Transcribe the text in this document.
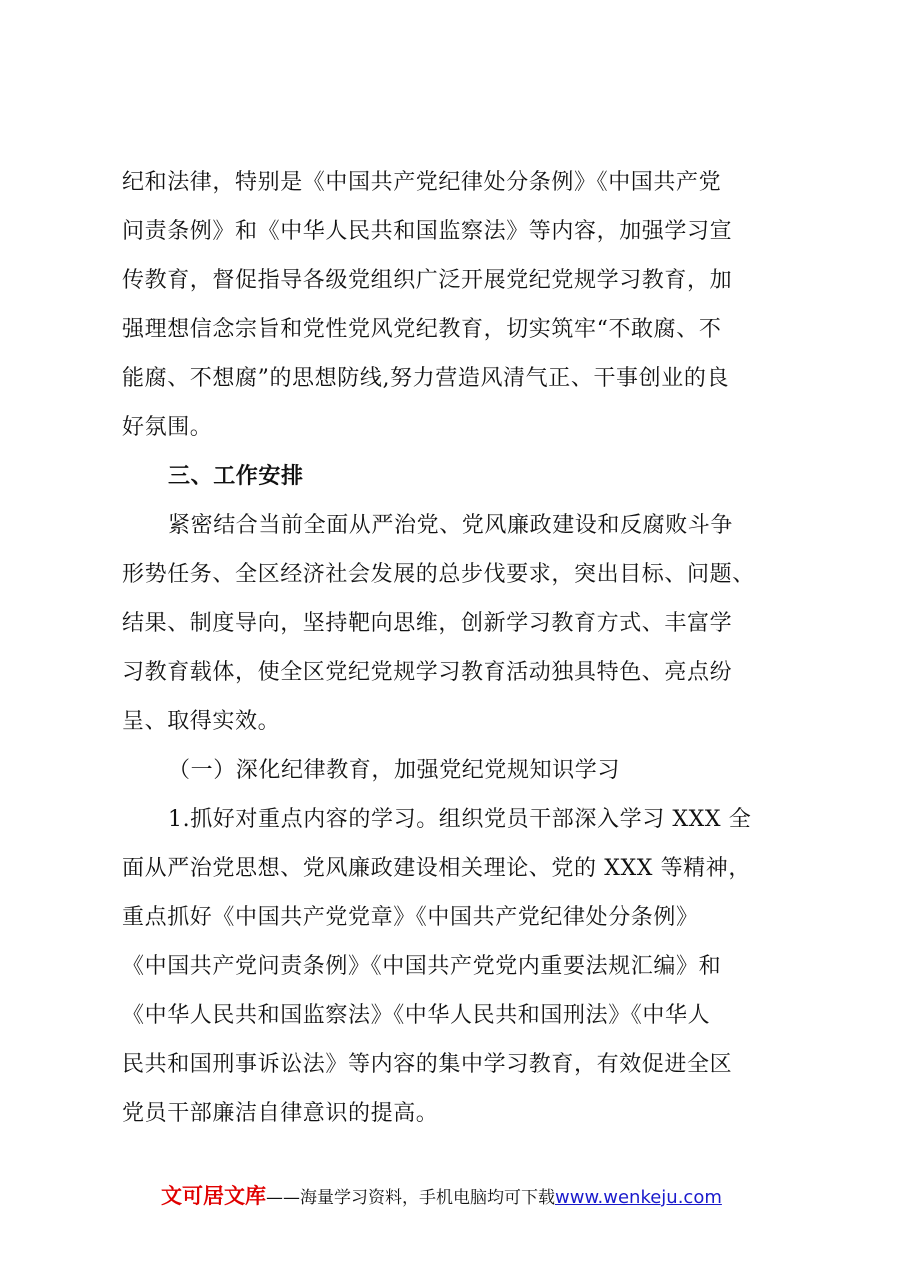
纪和法律，特别是《中国共产党纪律处分条例》《中国共产党
问责条例》和《中华人民共和国监察法》等内容，加强学习宣
传教育，督促指导各级党组织广泛开展党纪党规学习教育，加
强理想信念宗旨和党性党风党纪教育，切实筑牢“不敢腐、不
能腐、不想腐”的思想防线,努力营造风清气正、干事创业的良
好氛围。
三、工作安排
紧密结合当前全面从严治党、党风廉政建设和反腐败斗争
形势任务、全区经济社会发展的总步伐要求，突出目标、问题、
结果、制度导向，坚持靶向思维，创新学习教育方式、丰富学
习教育载体，使全区党纪党规学习教育活动独具特色、亮点纷
呈、取得实效。
（一）深化纪律教育，加强党纪党规知识学习
1.抓好对重点内容的学习。组织党员干部深入学习 XXX 全
面从严治党思想、党风廉政建设相关理论、党的 XXX 等精神，
重点抓好《中国共产党党章》《中国共产党纪律处分条例》
《中国共产党问责条例》《中国共产党党内重要法规汇编》和
《中华人民共和国监察法》《中华人民共和国刑法》《中华人
民共和国刑事诉讼法》等内容的集中学习教育，有效促进全区
党员干部廉洁自律意识的提高。
文可居文库——海量学习资料，手机电脑均可下载www.wenkeju.com
